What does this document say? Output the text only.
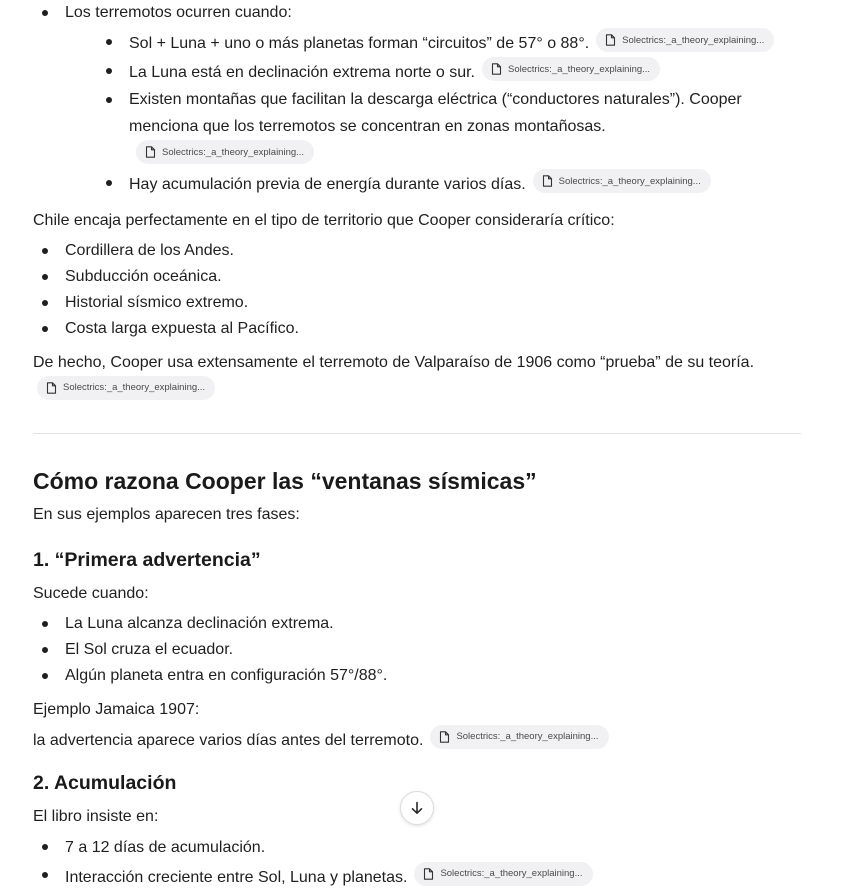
Los terremotos ocurren cuando:
Sol + Luna + uno o más planetas forman “circuitos” de 57° o 88°.	Solectrics:_a_theory_explaining...
La Luna está en declinación extrema norte o sur.	Solectrics:_a_theory_explaining...
Existen montañas que facilitan la descarga eléctrica (“conductores naturales”). Cooper menciona que los terremotos se concentran en zonas montañosas.
Solectrics:_a_theory_explaining...
Hay acumulación previa de energía durante varios días.	Solectrics:_a_theory_explaining...

Chile encaja perfectamente en el tipo de territorio que Cooper consideraría crítico:

Cordillera de los Andes.
Subducción oceánica.
Historial sísmico extremo.
Costa larga expuesta al Pacífico.

De hecho, Cooper usa extensamente el terremoto de Valparaíso de 1906 como “prueba” de su teoría.

Solectrics:_a_theory_explaining...

Cómo razona Cooper las “ventanas sísmicas”

En sus ejemplos aparecen tres fases:

1. “Primera advertencia”

Sucede cuando:

La Luna alcanza declinación extrema.
El Sol cruza el ecuador.
Algún planeta entra en configuración 57°/88°.

Ejemplo Jamaica 1907:

la advertencia aparece varios días antes del terremoto.	Solectrics:_a_theory_explaining...

2. Acumulación

El libro insiste en:

7 a 12 días de acumulación.
Interacción creciente entre Sol, Luna y planetas.	Solectrics:_a_theory_explaining...
